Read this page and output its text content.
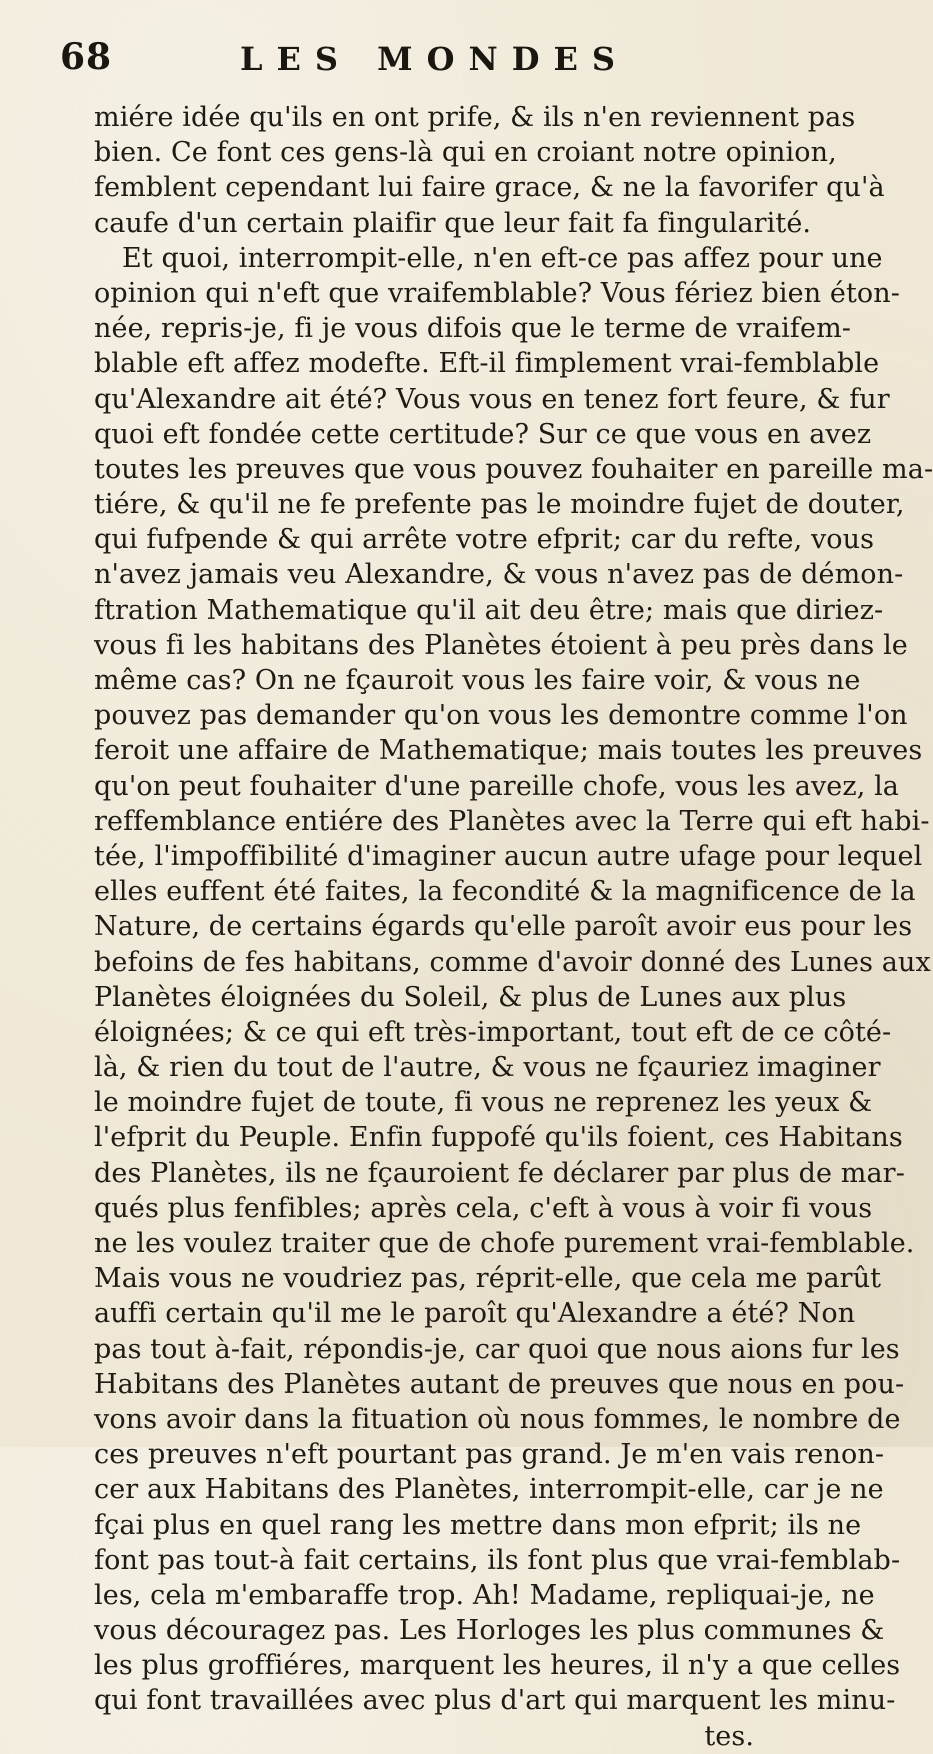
68	LES MONDES
miére idée qu'ils en ont prife, & ils n'en reviennent pas
bien. Ce font ces gens-là qui en croiant notre opinion,
femblent cependant lui faire grace, & ne la favorifer qu'à
caufe d'un certain plaifir que leur fait fa fingularité.
Et quoi, interrompit-elle, n'en eft-ce pas affez pour une
opinion qui n'eft que vraifemblable? Vous fériez bien éton-
née, repris-je, fi je vous difois que le terme de vraifem-
blable eft affez modefte. Eft-il fimplement vrai-femblable
qu'Alexandre ait été? Vous vous en tenez fort feure, & fur
quoi eft fondée cette certitude? Sur ce que vous en avez
toutes les preuves que vous pouvez fouhaiter en pareille ma-
tiére, & qu'il ne fe prefente pas le moindre fujet de douter,
qui fufpende & qui arrête votre efprit; car du refte, vous
n'avez jamais veu Alexandre, & vous n'avez pas de démon-
ftration Mathematique qu'il ait deu être; mais que diriez-
vous fi les habitans des Planètes étoient à peu près dans le
même cas? On ne fçauroit vous les faire voir, & vous ne
pouvez pas demander qu'on vous les demontre comme l'on
feroit une affaire de Mathematique; mais toutes les preuves
qu'on peut fouhaiter d'une pareille chofe, vous les avez, la
reffemblance entiére des Planètes avec la Terre qui eft habi-
tée, l'impoffibilité d'imaginer aucun autre ufage pour lequel
elles euffent été faites, la fecondité & la magnificence de la
Nature, de certains égards qu'elle paroît avoir eus pour les
befoins de fes habitans, comme d'avoir donné des Lunes aux
Planètes éloignées du Soleil, & plus de Lunes aux plus
éloignées; & ce qui eft très-important, tout eft de ce côté-
là, & rien du tout de l'autre, & vous ne fçauriez imaginer
le moindre fujet de toute, fi vous ne reprenez les yeux &
l'efprit du Peuple. Enfin fuppofé qu'ils foient, ces Habitans
des Planètes, ils ne fçauroient fe déclarer par plus de mar-
qués plus fenfibles; après cela, c'eft à vous à voir fi vous
ne les voulez traiter que de chofe purement vrai-femblable.
Mais vous ne voudriez pas, réprit-elle, que cela me parût
auffi certain qu'il me le paroît qu'Alexandre a été? Non
pas tout à-fait, répondis-je, car quoi que nous aions fur les
Habitans des Planètes autant de preuves que nous en pou-
vons avoir dans la fituation où nous fommes, le nombre de
ces preuves n'eft pourtant pas grand. Je m'en vais renon-
cer aux Habitans des Planètes, interrompit-elle, car je ne
fçai plus en quel rang les mettre dans mon efprit; ils ne
font pas tout-à fait certains, ils font plus que vrai-femblab-
les, cela m'embaraffe trop. Ah! Madame, repliquai-je, ne
vous découragez pas. Les Horloges les plus communes &
les plus groffiéres, marquent les heures, il n'y a que celles
qui font travaillées avec plus d'art qui marquent les minu-
tes.
